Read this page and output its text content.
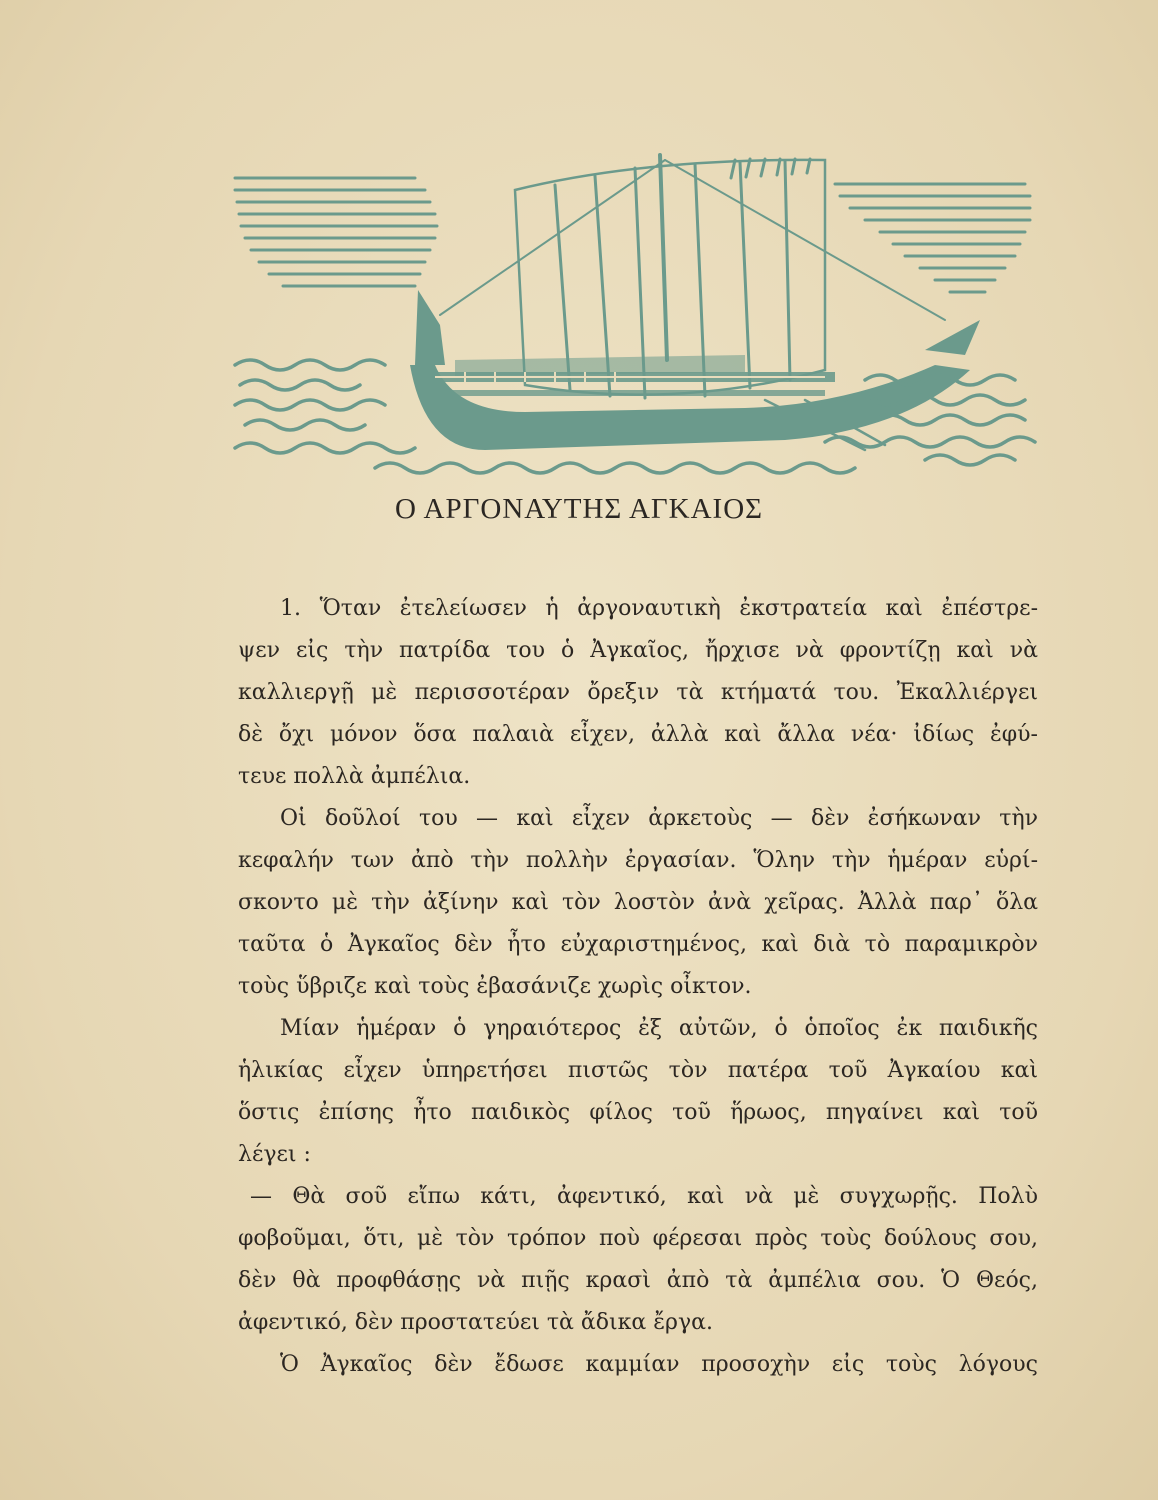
Ο ΑΡΓΟΝΑΥΤΗΣ ΑΓΚΑΙΟΣ

1. Ὅταν ἐτελείωσεν ἡ ἀργοναυτικὴ ἐκστρατεία καὶ ἐπέστρε-
ψεν εἰς τὴν πατρίδα του ὁ Ἀγκαῖος, ἤρχισε νὰ φροντίζῃ καὶ νὰ
καλλιεργῇ μὲ περισσοτέραν ὄρεξιν τὰ κτήματά του. Ἐκαλλιέργει
δὲ ὄχι μόνον ὅσα παλαιὰ εἶχεν, ἀλλὰ καὶ ἄλλα νέα· ἰδίως ἐφύ-
τευε πολλὰ ἀμπέλια.

Οἱ δοῦλοί του — καὶ εἶχεν ἀρκετοὺς — δὲν ἐσήκωναν τὴν
κεφαλήν των ἀπὸ τὴν πολλὴν ἐργασίαν. Ὅλην τὴν ἡμέραν εὑρί-
σκοντο μὲ τὴν ἀξίνην καὶ τὸν λοστὸν ἀνὰ χεῖρας. Ἀλλὰ παρ᾽ ὅλα
ταῦτα ὁ Ἀγκαῖος δὲν ἦτο εὐχαριστημένος, καὶ διὰ τὸ παραμικρὸν
τοὺς ὕβριζε καὶ τοὺς ἐβασάνιζε χωρὶς οἶκτον.

Μίαν ἡμέραν ὁ γηραιότερος ἐξ αὐτῶν, ὁ ὁποῖος ἐκ παιδικῆς
ἡλικίας εἶχεν ὑπηρετήσει πιστῶς τὸν πατέρα τοῦ Ἀγκαίου καὶ
ὅστις ἐπίσης ἦτο παιδικὸς φίλος τοῦ ἥρωος, πηγαίνει καὶ τοῦ
λέγει :

— Θὰ σοῦ εἴπω κάτι, ἀφεντικό, καὶ νὰ μὲ συγχωρῇς. Πολὺ
φοβοῦμαι, ὅτι, μὲ τὸν τρόπον ποὺ φέρεσαι πρὸς τοὺς δούλους σου,
δὲν θὰ προφθάσῃς νὰ πιῇς κρασὶ ἀπὸ τὰ ἀμπέλια σου. Ὁ Θεός,
ἀφεντικό, δὲν προστατεύει τὰ ἄδικα ἔργα.

Ὁ Ἀγκαῖος δὲν ἔδωσε καμμίαν προσοχὴν εἰς τοὺς λόγους
